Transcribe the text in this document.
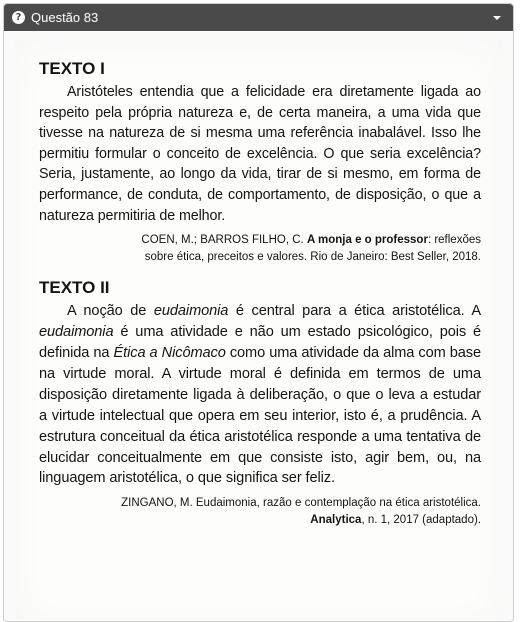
? Questão 83
TEXTO I

Aristóteles entendia que a felicidade era diretamente ligada ao respeito pela própria natureza e, de certa maneira, a uma vida que tivesse na natureza de si mesma uma referência inabalável. Isso lhe permitiu formular o conceito de excelência. O que seria excelência? Seria, justamente, ao longo da vida, tirar de si mesmo, em forma de performance, de conduta, de comportamento, de disposição, o que a natureza permitiria de melhor.

COEN, M.; BARROS FILHO, C. A monja e o professor: reflexões
sobre ética, preceitos e valores. Rio de Janeiro: Best Seller, 2018.
TEXTO II

A noção de eudaimonia é central para a ética aristotélica. A eudaimonia é uma atividade e não um estado psicológico, pois é definida na Ética a Nicômaco como uma atividade da alma com base na virtude moral. A virtude moral é definida em termos de uma disposição diretamente ligada à deliberação, o que o leva a estudar a virtude intelectual que opera em seu interior, isto é, a prudência. A estrutura conceitual da ética aristotélica responde a uma tentativa de elucidar conceitualmente em que consiste isto, agir bem, ou, na linguagem aristotélica, o que significa ser feliz.

ZINGANO, M. Eudaimonia, razão e contemplação na ética aristotélica.
Analytica, n. 1, 2017 (adaptado).
